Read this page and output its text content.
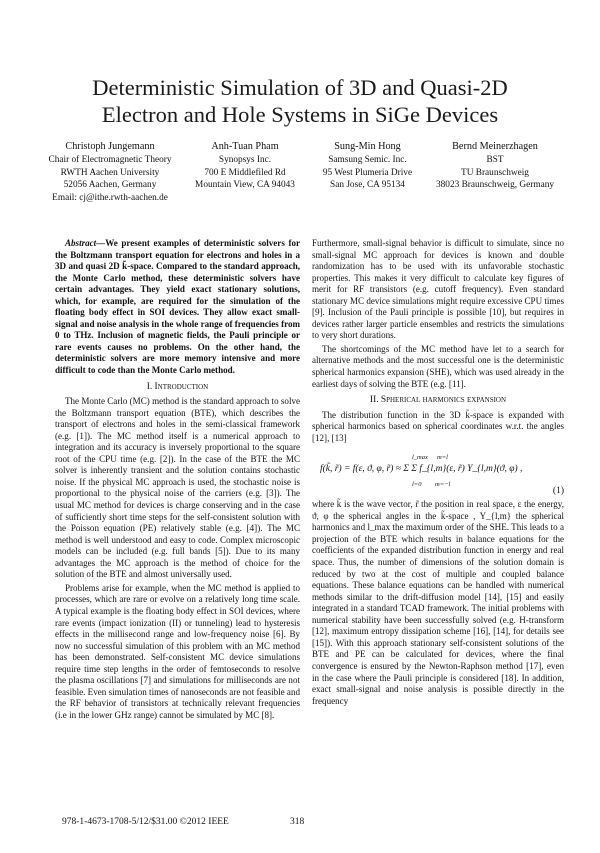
Deterministic Simulation of 3D and Quasi-2D
Electron and Hole Systems in SiGe Devices
Christoph Jungemann
Chair of Electromagnetic Theory
RWTH Aachen University
52056 Aachen, Germany
Email: cj@ithe.rwth-aachen.de
Anh-Tuan Pham
Synopsys Inc.
700 E Middlefiled Rd
Mountain View, CA 94043
Sung-Min Hong
Samsung Semic. Inc.
95 West Plumeria Drive
San Jose, CA 95134
Bernd Meinerzhagen
BST
TU Braunschweig
38023 Braunschweig, Germany
Abstract—We present examples of deterministic solvers for the Boltzmann transport equation for electrons and holes in a 3D and quasi 2D k̃-space. Compared to the standard approach, the Monte Carlo method, these deterministic solvers have certain advantages. They yield exact stationary solutions, which, for example, are required for the simulation of the floating body effect in SOI devices. They allow exact small-signal and noise analysis in the whole range of frequencies from 0 to THz. Inclusion of magnetic fields, the Pauli principle or rare events causes no problems. On the other hand, the deterministic solvers are more memory intensive and more difficult to code than the Monte Carlo method.
I. Introduction

The Monte Carlo (MC) method is the standard approach to solve the Boltzmann transport equation (BTE), which describes the transport of electrons and holes in the semi-classical framework (e.g. [1]). The MC method itself is a numerical approach to integration and its accuracy is inversely proportional to the square root of the CPU time (e.g. [2]). In the case of the BTE the MC solver is inherently transient and the solution contains stochastic noise. If the physical MC approach is used, the stochastic noise is proportional to the physical noise of the carriers (e.g. [3]). The usual MC method for devices is charge conserving and in the case of sufficiently short time steps for the self-consistent solution with the Poisson equation (PE) relatively stable (e.g. [4]). The MC method is well understood and easy to code. Complex microscopic models can be included (e.g. full bands [5]). Due to its many advantages the MC approach is the method of choice for the solution of the BTE and almost universally used.

Problems arise for example, when the MC method is applied to processes, which are rare or evolve on a relatively long time scale. A typical example is the floating body effect in SOI devices, where rare events (impact ionization (II) or tunneling) lead to hysteresis effects in the millisecond range and low-frequency noise [6]. By now no successful simulation of this problem with an MC method has been demonstrated. Self-consistent MC device simulations require time step lengths in the order of femtoseconds to resolve the plasma oscillations [7] and simulations for milliseconds are not feasible. Even simulation times of nanoseconds are not feasible and the RF behavior of transistors at technically relevant frequencies (i.e in the lower GHz range) cannot be simulated by MC [8].

Furthermore, small-signal behavior is difficult to simulate, since no small-signal MC approach for devices is known and double randomization has to be used with its unfavorable stochastic properties. This makes it very difficult to calculate key figures of merit for RF transistors (e.g. cutoff frequency). Even standard stationary MC device simulations might require excessive CPU times [9]. Inclusion of the Pauli principle is possible [10], but requires in devices rather larger particle ensembles and restricts the simulations to very short durations.

The shortcomings of the MC method have let to a search for alternative methods and the most successful one is the deterministic spherical harmonics expansion (SHE), which was used already in the earliest days of solving the BTE (e.g. [11].

II. Spherical harmonics expansion

The distribution function in the 3D k̃-space is expanded with spherical harmonics based on spherical coordinates w.r.t. the angles [12], [13]

l_max m=l
f(k̃, r̃) = f(ε, ϑ, φ, r̃) ≈ Σ Σ f_{l,m}(ε, r̃) Y_{l,m}(ϑ, φ) ,
l=0 m=−l
(1)

where k̃ is the wave vector, r̃ the position in real space, ε the energy, ϑ, φ the spherical angles in the k̃-space , Y_{l,m} the spherical harmonics and l_max the maximum order of the SHE. This leads to a projection of the BTE which results in balance equations for the coefficients of the expanded distribution function in energy and real space. Thus, the number of dimensions of the solution domain is reduced by two at the cost of multiple and coupled balance equations. These balance equations can be handled with numerical methods similar to the drift-diffusion model [14], [15] and easily integrated in a standard TCAD framework. The initial problems with numerical stability have been successfully solved (e.g. H-transform [12], maximum entropy dissipation scheme [16], [14], for details see [15]). With this approach stationary self-consistent solutions of the BTE and PE can be calculated for devices, where the final convergence is ensured by the Newton-Raphson method [17], even in the case where the Pauli principle is considered [18]. In addition, exact small-signal and noise analysis is possible directly in the frequency

978-1-4673-1708-5/12/$31.00 ©2012 IEEE	318
